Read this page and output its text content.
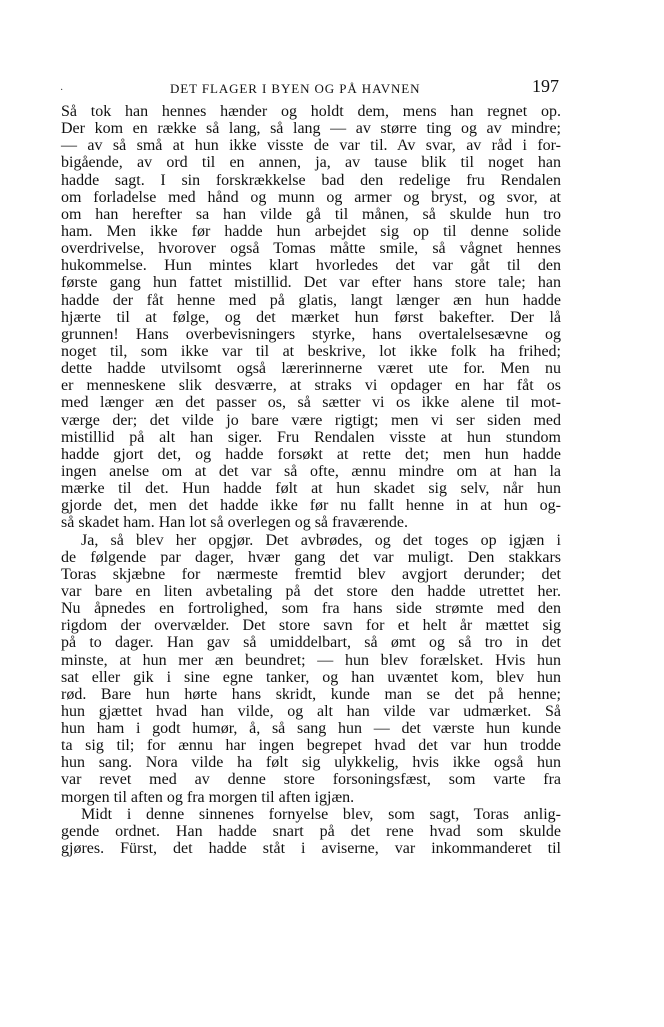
·	DET FLAGER I BYEN OG PÅ HAVNEN	197
Så tok han hennes hænder og holdt dem, mens han regnet op.
Der kom en række så lang, så lang — av større ting og av mindre;
— av så små at hun ikke visste de var til. Av svar, av råd i for-
bigående, av ord til en annen, ja, av tause blik til noget han
hadde sagt. I sin forskrækkelse bad den redelige fru Rendalen
om forladelse med hånd og munn og armer og bryst, og svor, at
om han herefter sa han vilde gå til månen, så skulde hun tro
ham. Men ikke før hadde hun arbejdet sig op til denne solide
overdrivelse, hvorover også Tomas måtte smile, så vågnet hennes
hukommelse. Hun mintes klart hvorledes det var gåt til den
første gang hun fattet mistillid. Det var efter hans store tale; han
hadde der fåt henne med på glatis, langt længer æn hun hadde
hjærte til at følge, og det mærket hun først bakefter. Der lå
grunnen! Hans overbevisningers styrke, hans overtalelsesævne og
noget til, som ikke var til at beskrive, lot ikke folk ha frihed;
dette hadde utvilsomt også lærerinnerne været ute for. Men nu
er menneskene slik desværre, at straks vi opdager en har fåt os
med længer æn det passer os, så sætter vi os ikke alene til mot-
værge der; det vilde jo bare være rigtigt; men vi ser siden med
mistillid på alt han siger. Fru Rendalen visste at hun stundom
hadde gjort det, og hadde forsøkt at rette det; men hun hadde
ingen anelse om at det var så ofte, ænnu mindre om at han la
mærke til det. Hun hadde følt at hun skadet sig selv, når hun
gjorde det, men det hadde ikke før nu fallt henne in at hun og-
så skadet ham. Han lot så overlegen og så fraværende.
Ja, så blev her opgjør. Det avbrødes, og det toges op igjæn i
de følgende par dager, hvær gang det var muligt. Den stakkars
Toras skjæbne for nærmeste fremtid blev avgjort derunder; det
var bare en liten avbetaling på det store den hadde utrettet her.
Nu åpnedes en fortrolighed, som fra hans side strømte med den
rigdom der overvælder. Det store savn for et helt år mættet sig
på to dager. Han gav så umiddelbart, så ømt og så tro in det
minste, at hun mer æn beundret; — hun blev forælsket. Hvis hun
sat eller gik i sine egne tanker, og han uvæntet kom, blev hun
rød. Bare hun hørte hans skridt, kunde man se det på henne;
hun gjættet hvad han vilde, og alt han vilde var udmærket. Så
hun ham i godt humør, å, så sang hun — det værste hun kunde
ta sig til; for ænnu har ingen begrepet hvad det var hun trodde
hun sang. Nora vilde ha følt sig ulykkelig, hvis ikke også hun
var revet med av denne store forsoningsfæst, som varte fra
morgen til aften og fra morgen til aften igjæn.
Midt i denne sinnenes fornyelse blev, som sagt, Toras anlig-
gende ordnet. Han hadde snart på det rene hvad som skulde
gjøres. Fürst, det hadde ståt i aviserne, var inkommanderet til
